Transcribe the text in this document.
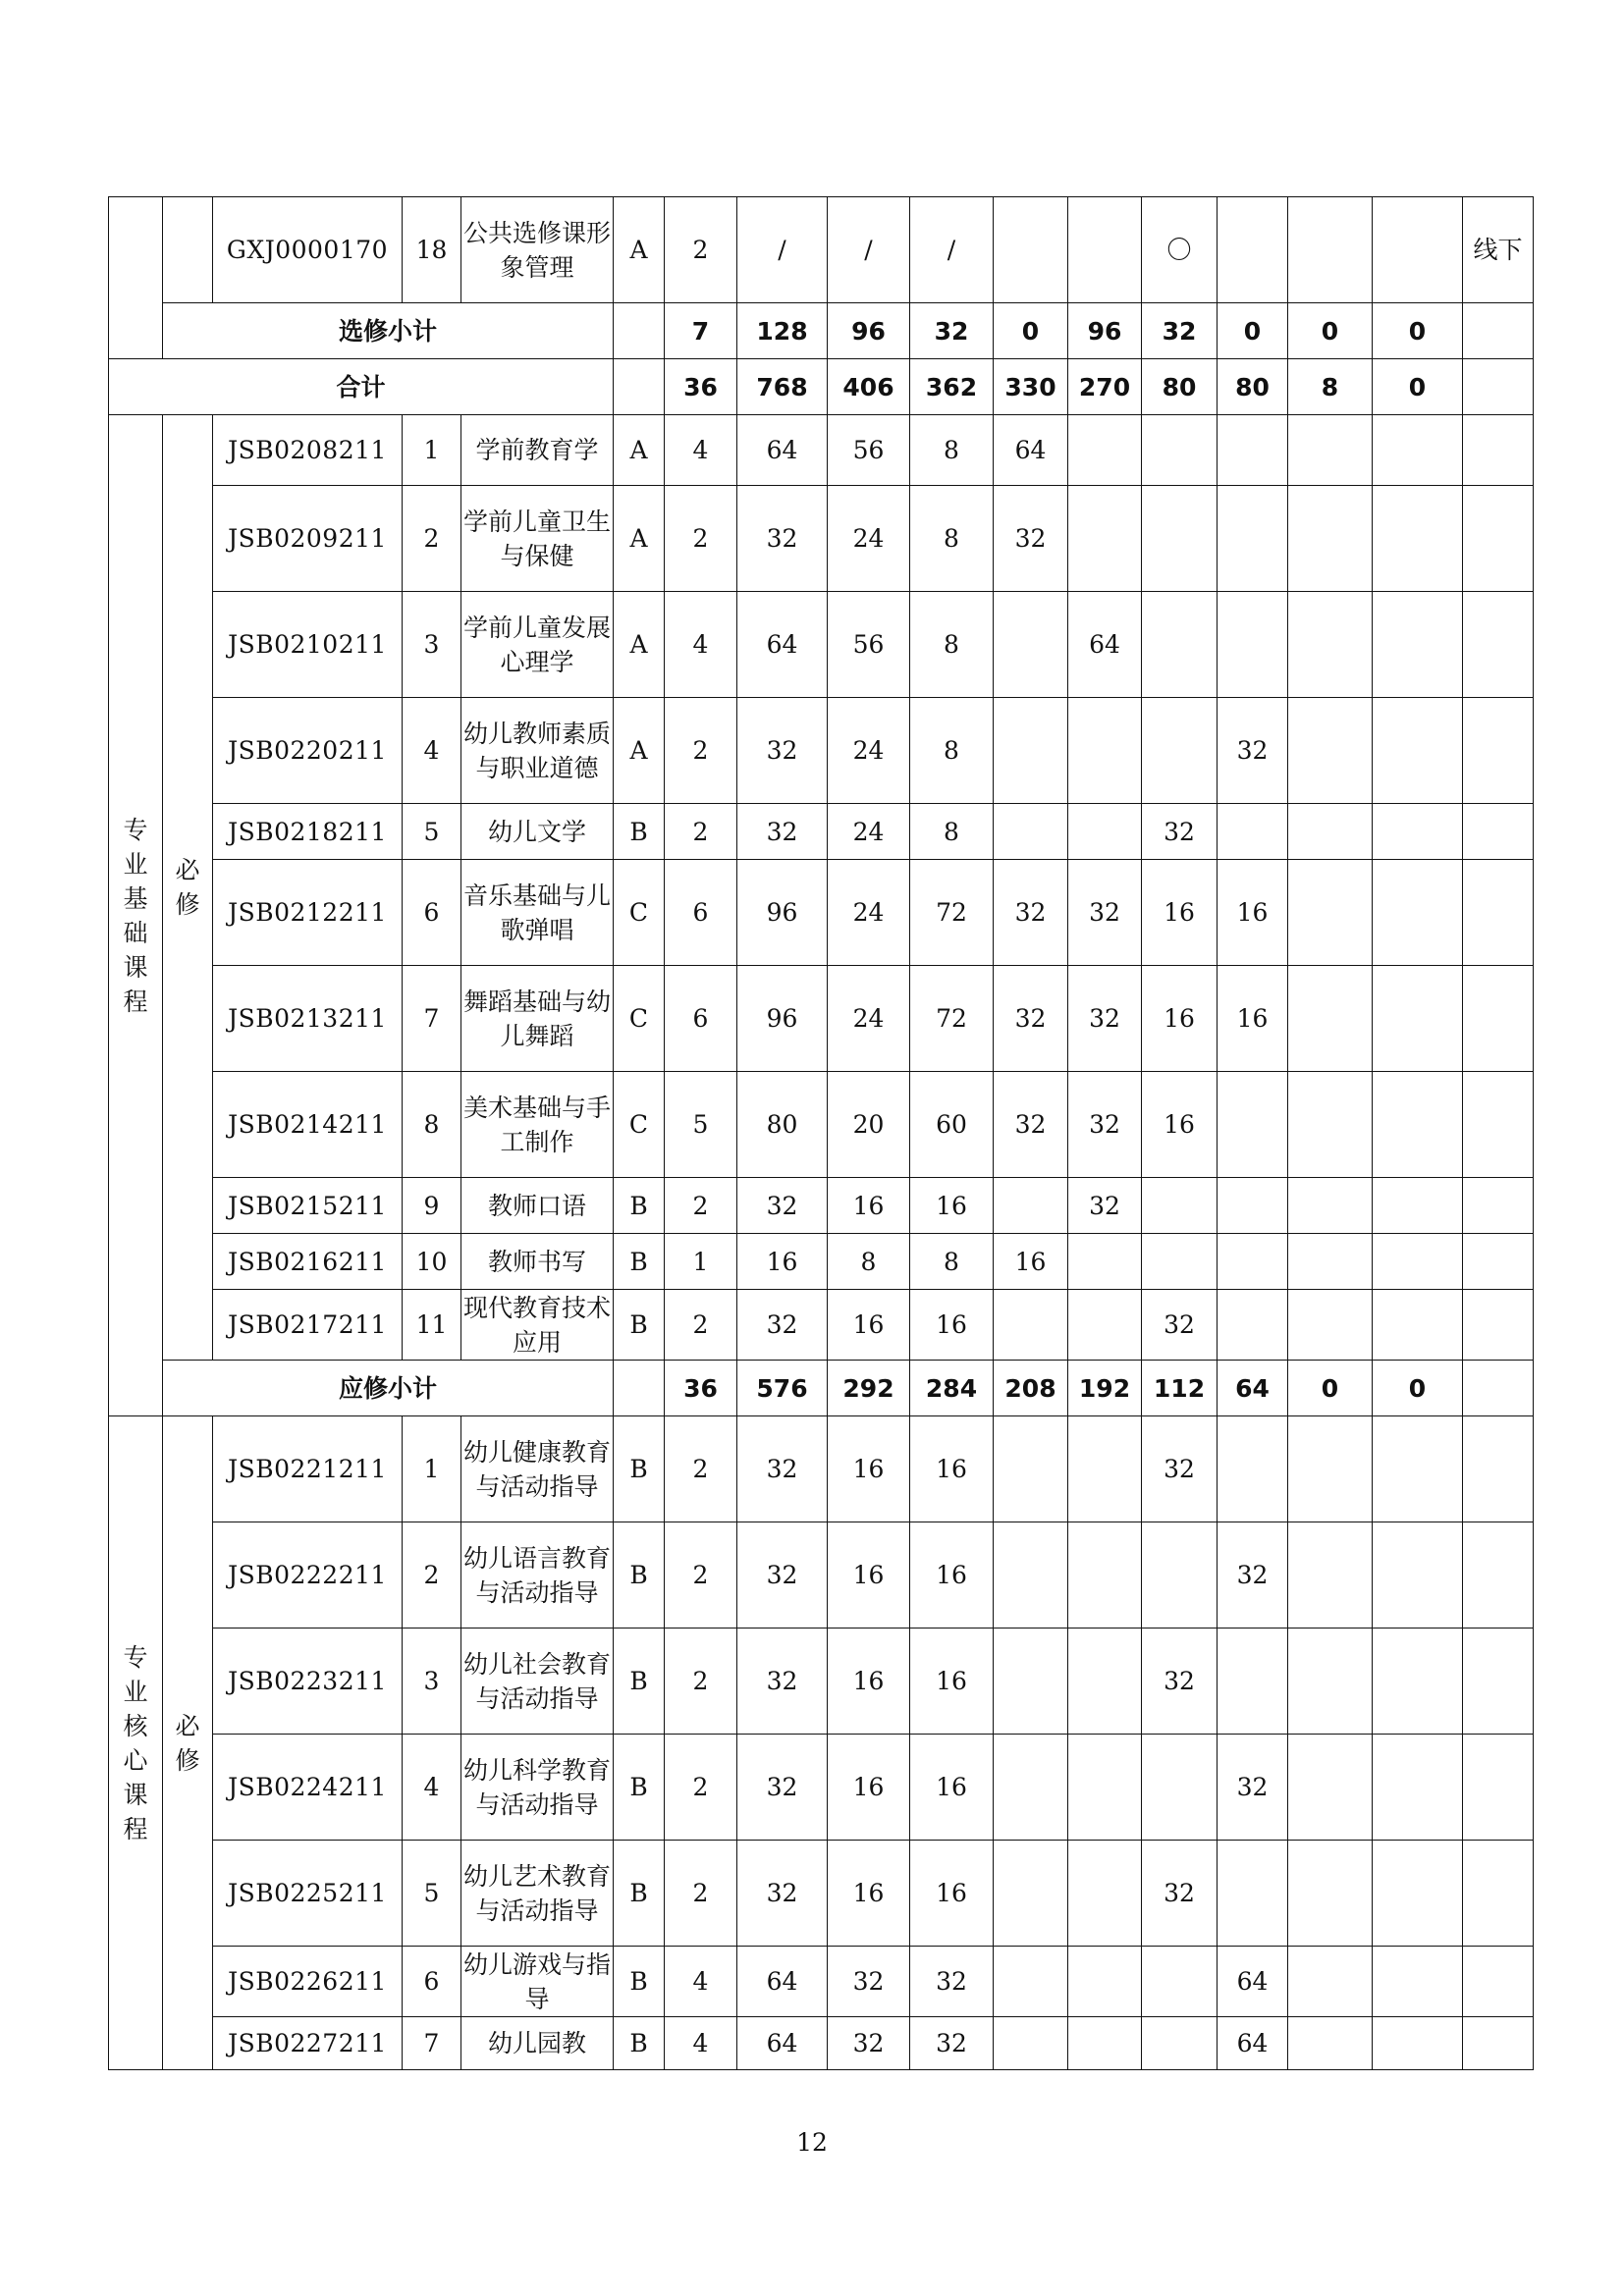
		GXJ0000170	18	公共选修课形象管理	A	2	/	/	/			〇				线下
	选修小计					7	128	96	32	0	96	32	0	0	0	
合计						36	768	406	362	330	270	80	80	8	0	

专业基础课程	必修	JSB0208211	1	学前教育学	A	4	64	56	8	64						
		JSB0209211	2	学前儿童卫生与保健	A	2	32	24	8	32						
		JSB0210211	3	学前儿童发展心理学	A	4	64	56	8		64					
		JSB0220211	4	幼儿教师素质与职业道德	A	2	32	24	8				32			
		JSB0218211	5	幼儿文学	B	2	32	24	8			32				
		JSB0212211	6	音乐基础与儿歌弹唱	C	6	96	24	72	32	32	16	16			
		JSB0213211	7	舞蹈基础与幼儿舞蹈	C	6	96	24	72	32	32	16	16			
		JSB0214211	8	美术基础与手工制作	C	5	80	20	60	32	32	16				
		JSB0215211	9	教师口语	B	2	32	16	16		32					
		JSB0216211	10	教师书写	B	1	16	8	8	16						
		JSB0217211	11	现代教育技术应用	B	2	32	16	16			32				
	应修小计					36	576	292	284	208	192	112	64	0	0	

专业核心课程	必修	JSB0221211	1	幼儿健康教育与活动指导	B	2	32	16	16			32				
		JSB0222211	2	幼儿语言教育与活动指导	B	2	32	16	16				32			
		JSB0223211	3	幼儿社会教育与活动指导	B	2	32	16	16			32				
		JSB0224211	4	幼儿科学教育与活动指导	B	2	32	16	16				32			
		JSB0225211	5	幼儿艺术教育与活动指导	B	2	32	16	16			32				
		JSB0226211	6	幼儿游戏与指导	B	4	64	32	32				64			
		JSB0227211	7	幼儿园教	B	4	64	32	32				64			
12
